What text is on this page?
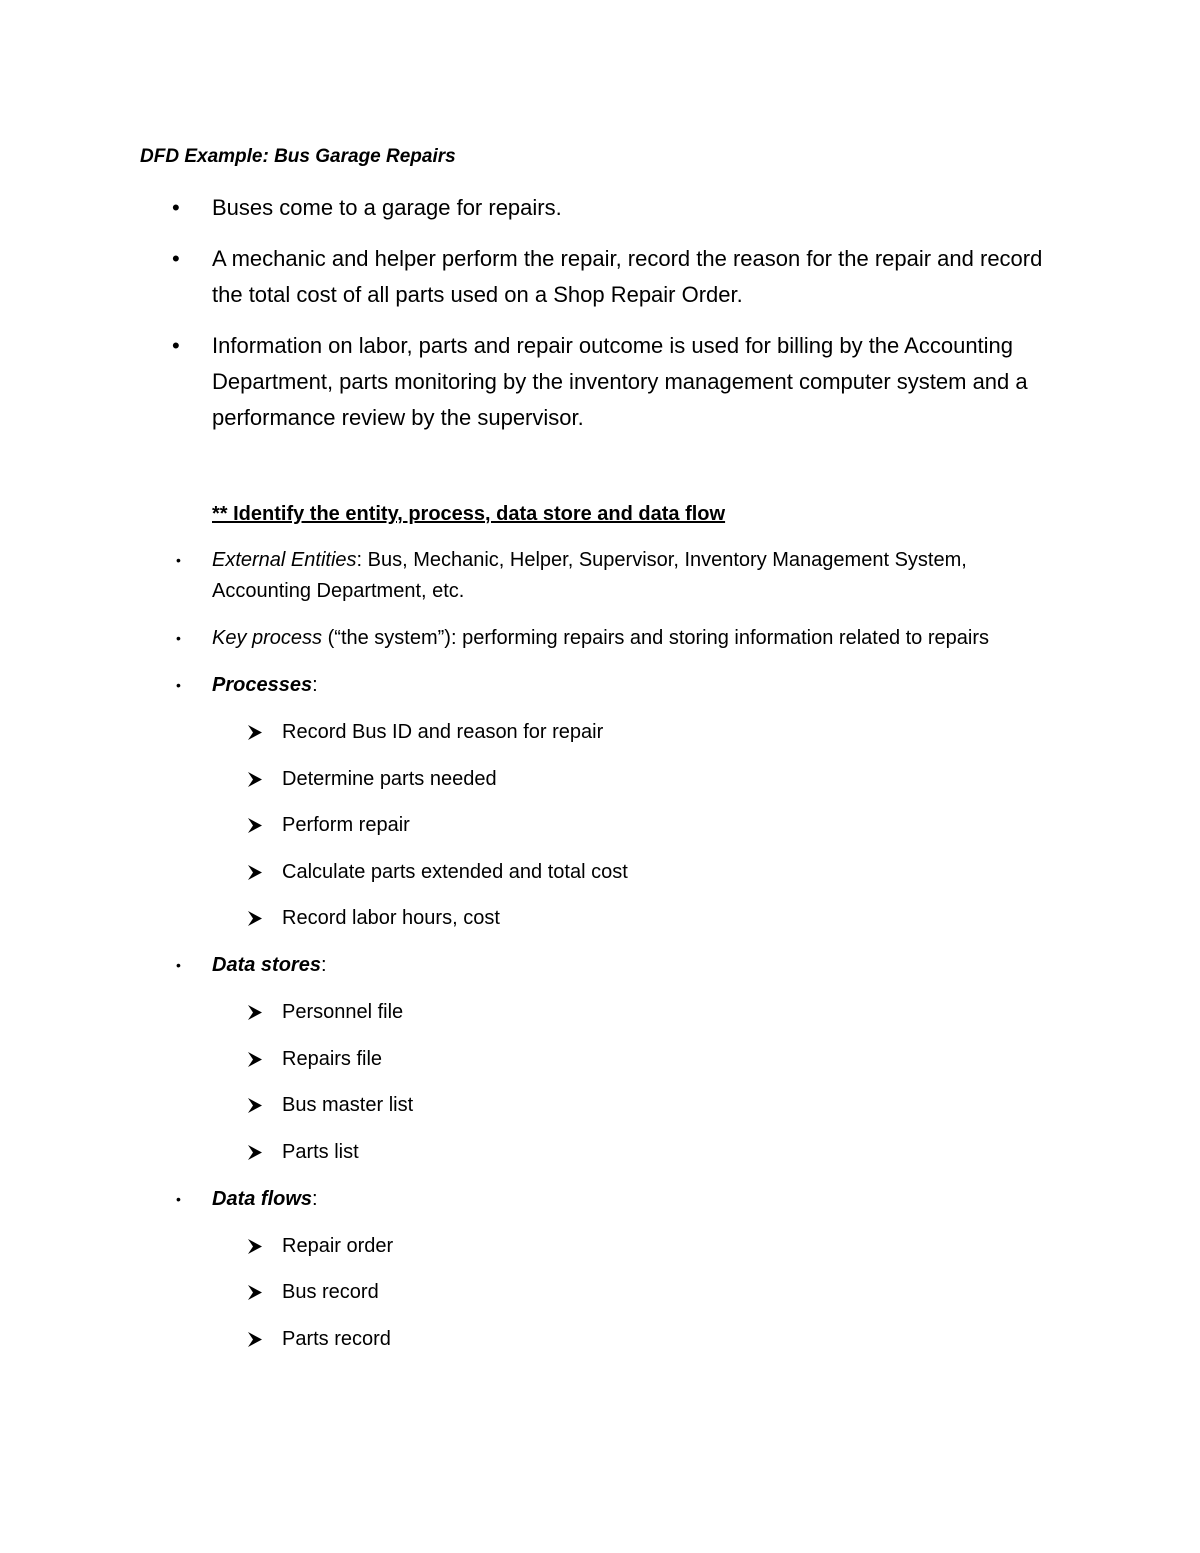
DFD Example: Bus Garage Repairs
• Buses come to a garage for repairs.
• A mechanic and helper perform the repair, record the reason for the repair and record the total cost of all parts used on a Shop Repair Order.
• Information on labor, parts and repair outcome is used for billing by the Accounting Department, parts monitoring by the inventory management computer system and a performance review by the supervisor.
** Identify the entity, process, data store and data flow
• External Entities: Bus, Mechanic, Helper, Supervisor, Inventory Management System, Accounting Department, etc.
• Key process (“the system”): performing repairs and storing information related to repairs
• Processes:
Record Bus ID and reason for repair
Determine parts needed
Perform repair
Calculate parts extended and total cost
Record labor hours, cost
• Data stores:
Personnel file
Repairs file
Bus master list
Parts list
• Data flows:
Repair order
Bus record
Parts record
